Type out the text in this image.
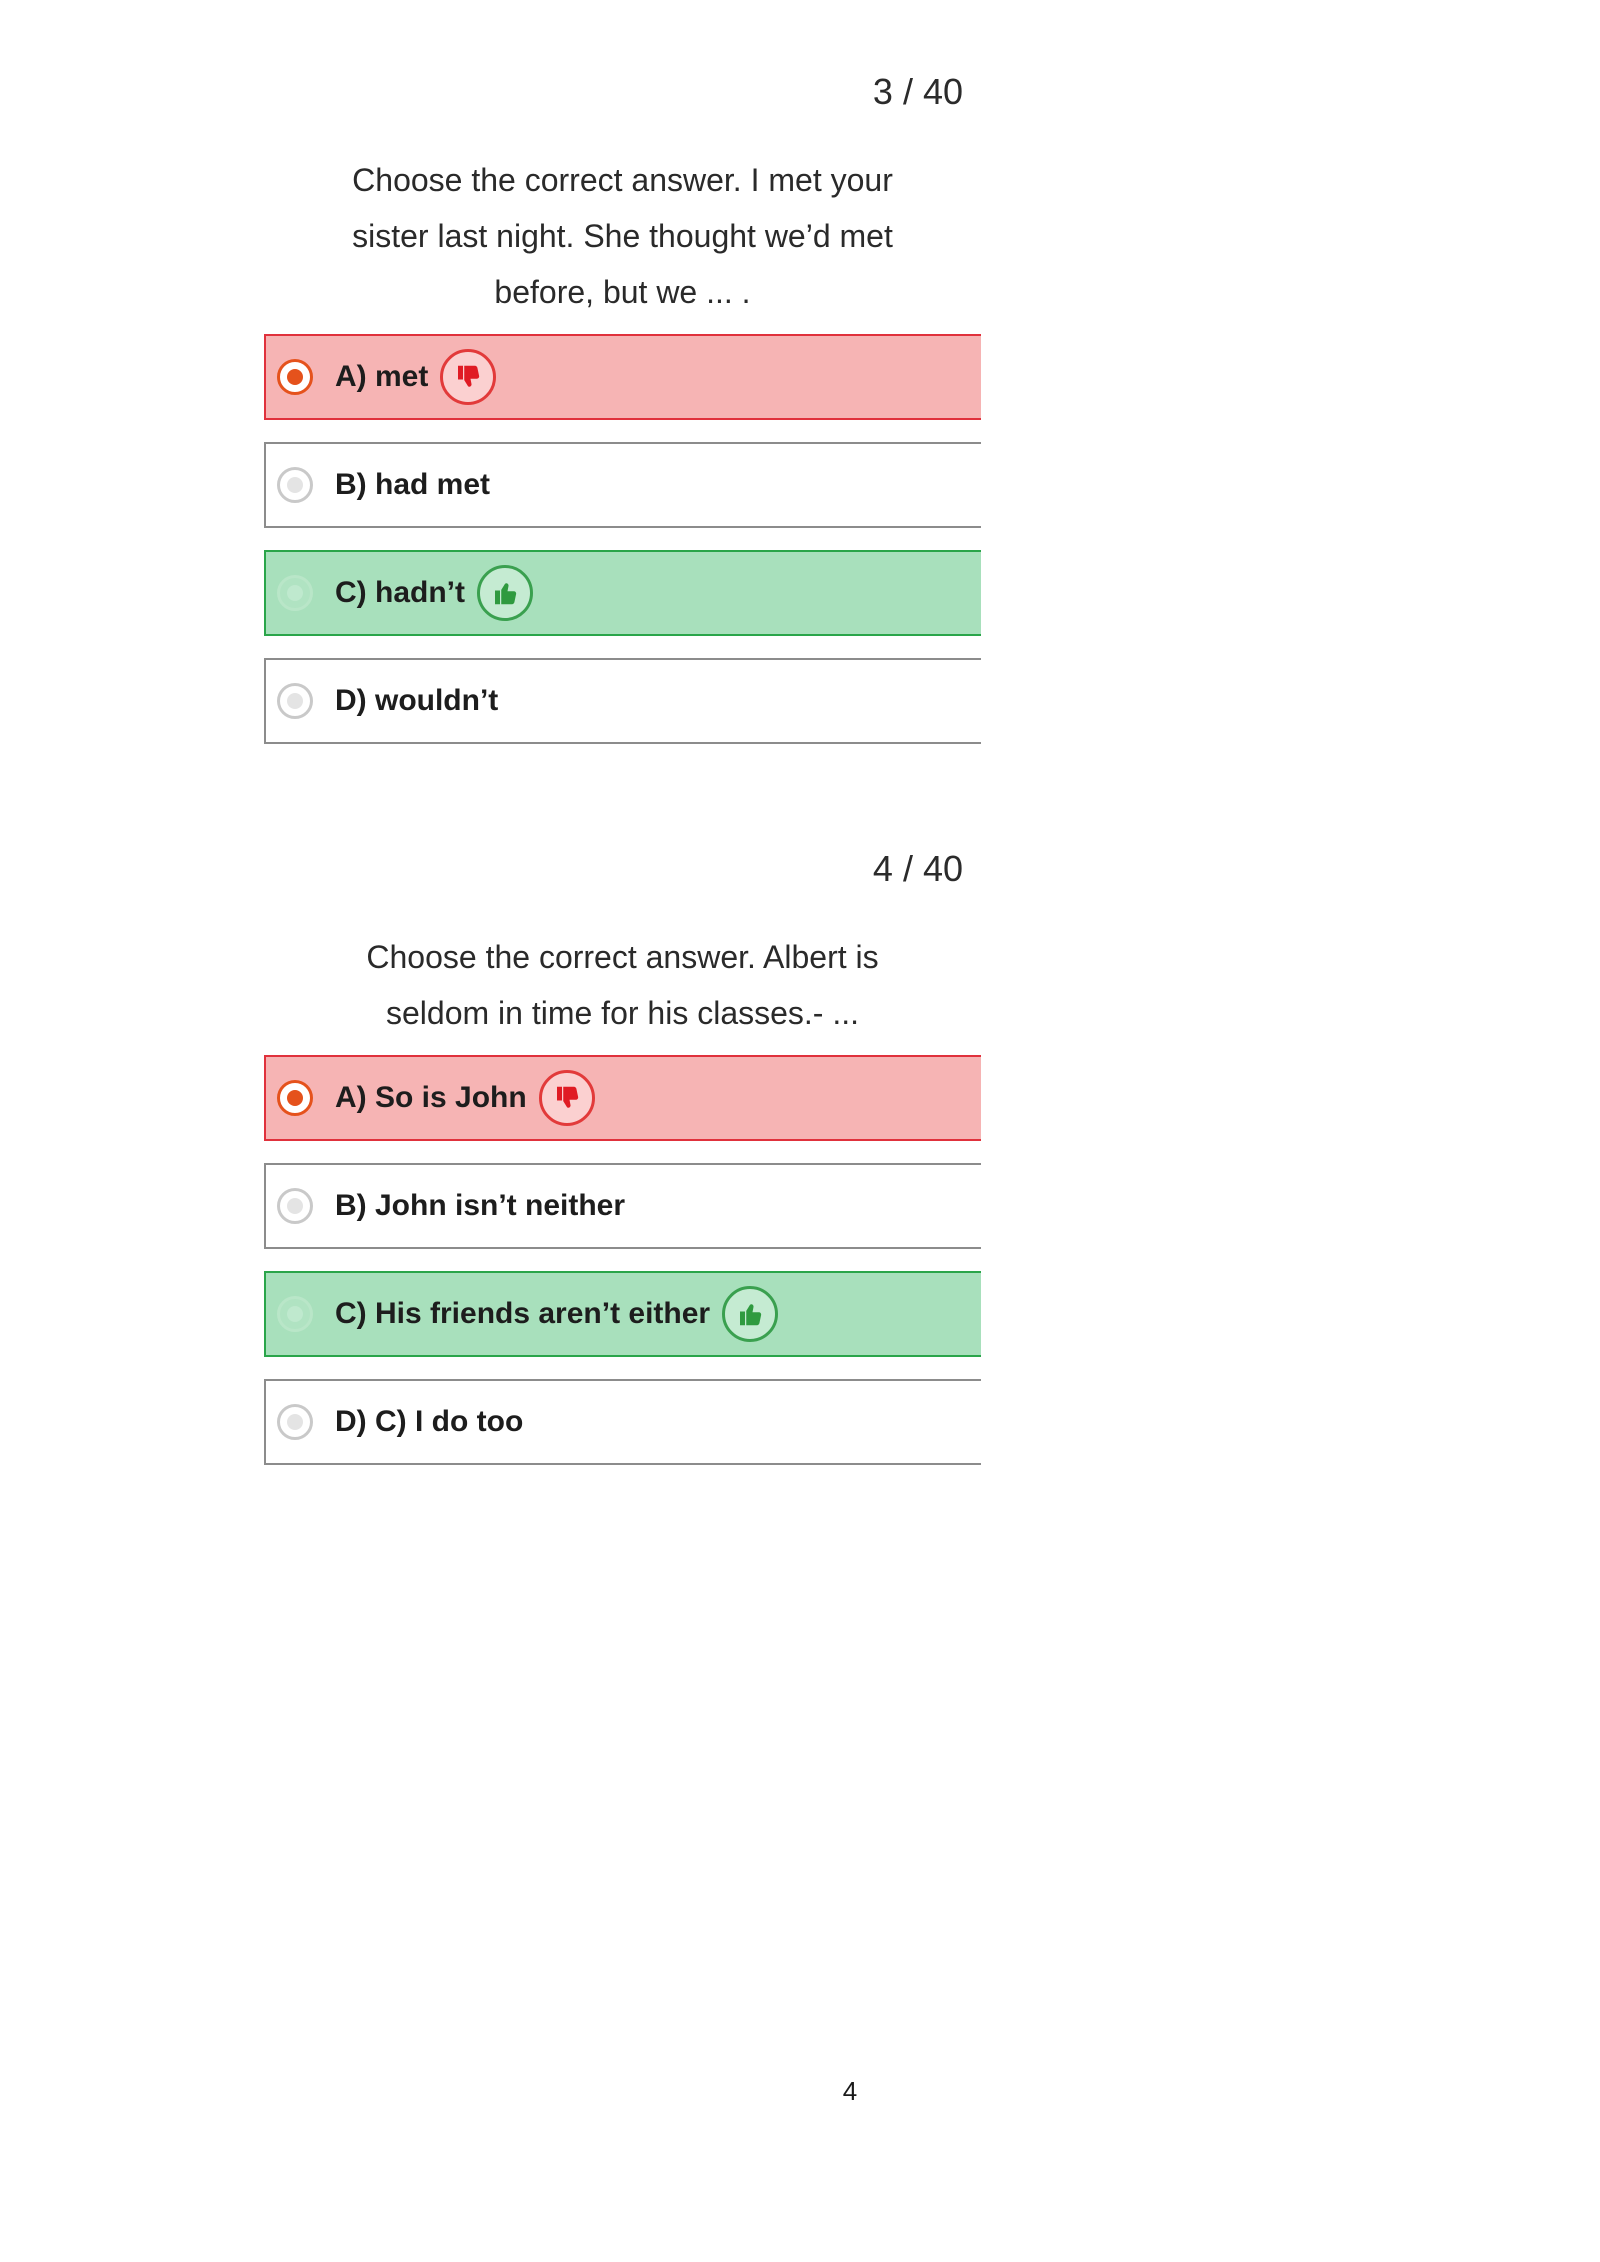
3 / 40
Choose the correct answer. I met your sister last night. She thought we’d met before, but we ... .
A) met
B) had met
C) hadn’t
D) wouldn’t
4 / 40
Choose the correct answer. Albert is seldom in time for his classes.- ...
A) So is John
B) John isn’t neither
C) His friends aren’t either
D) C) I do too
4
